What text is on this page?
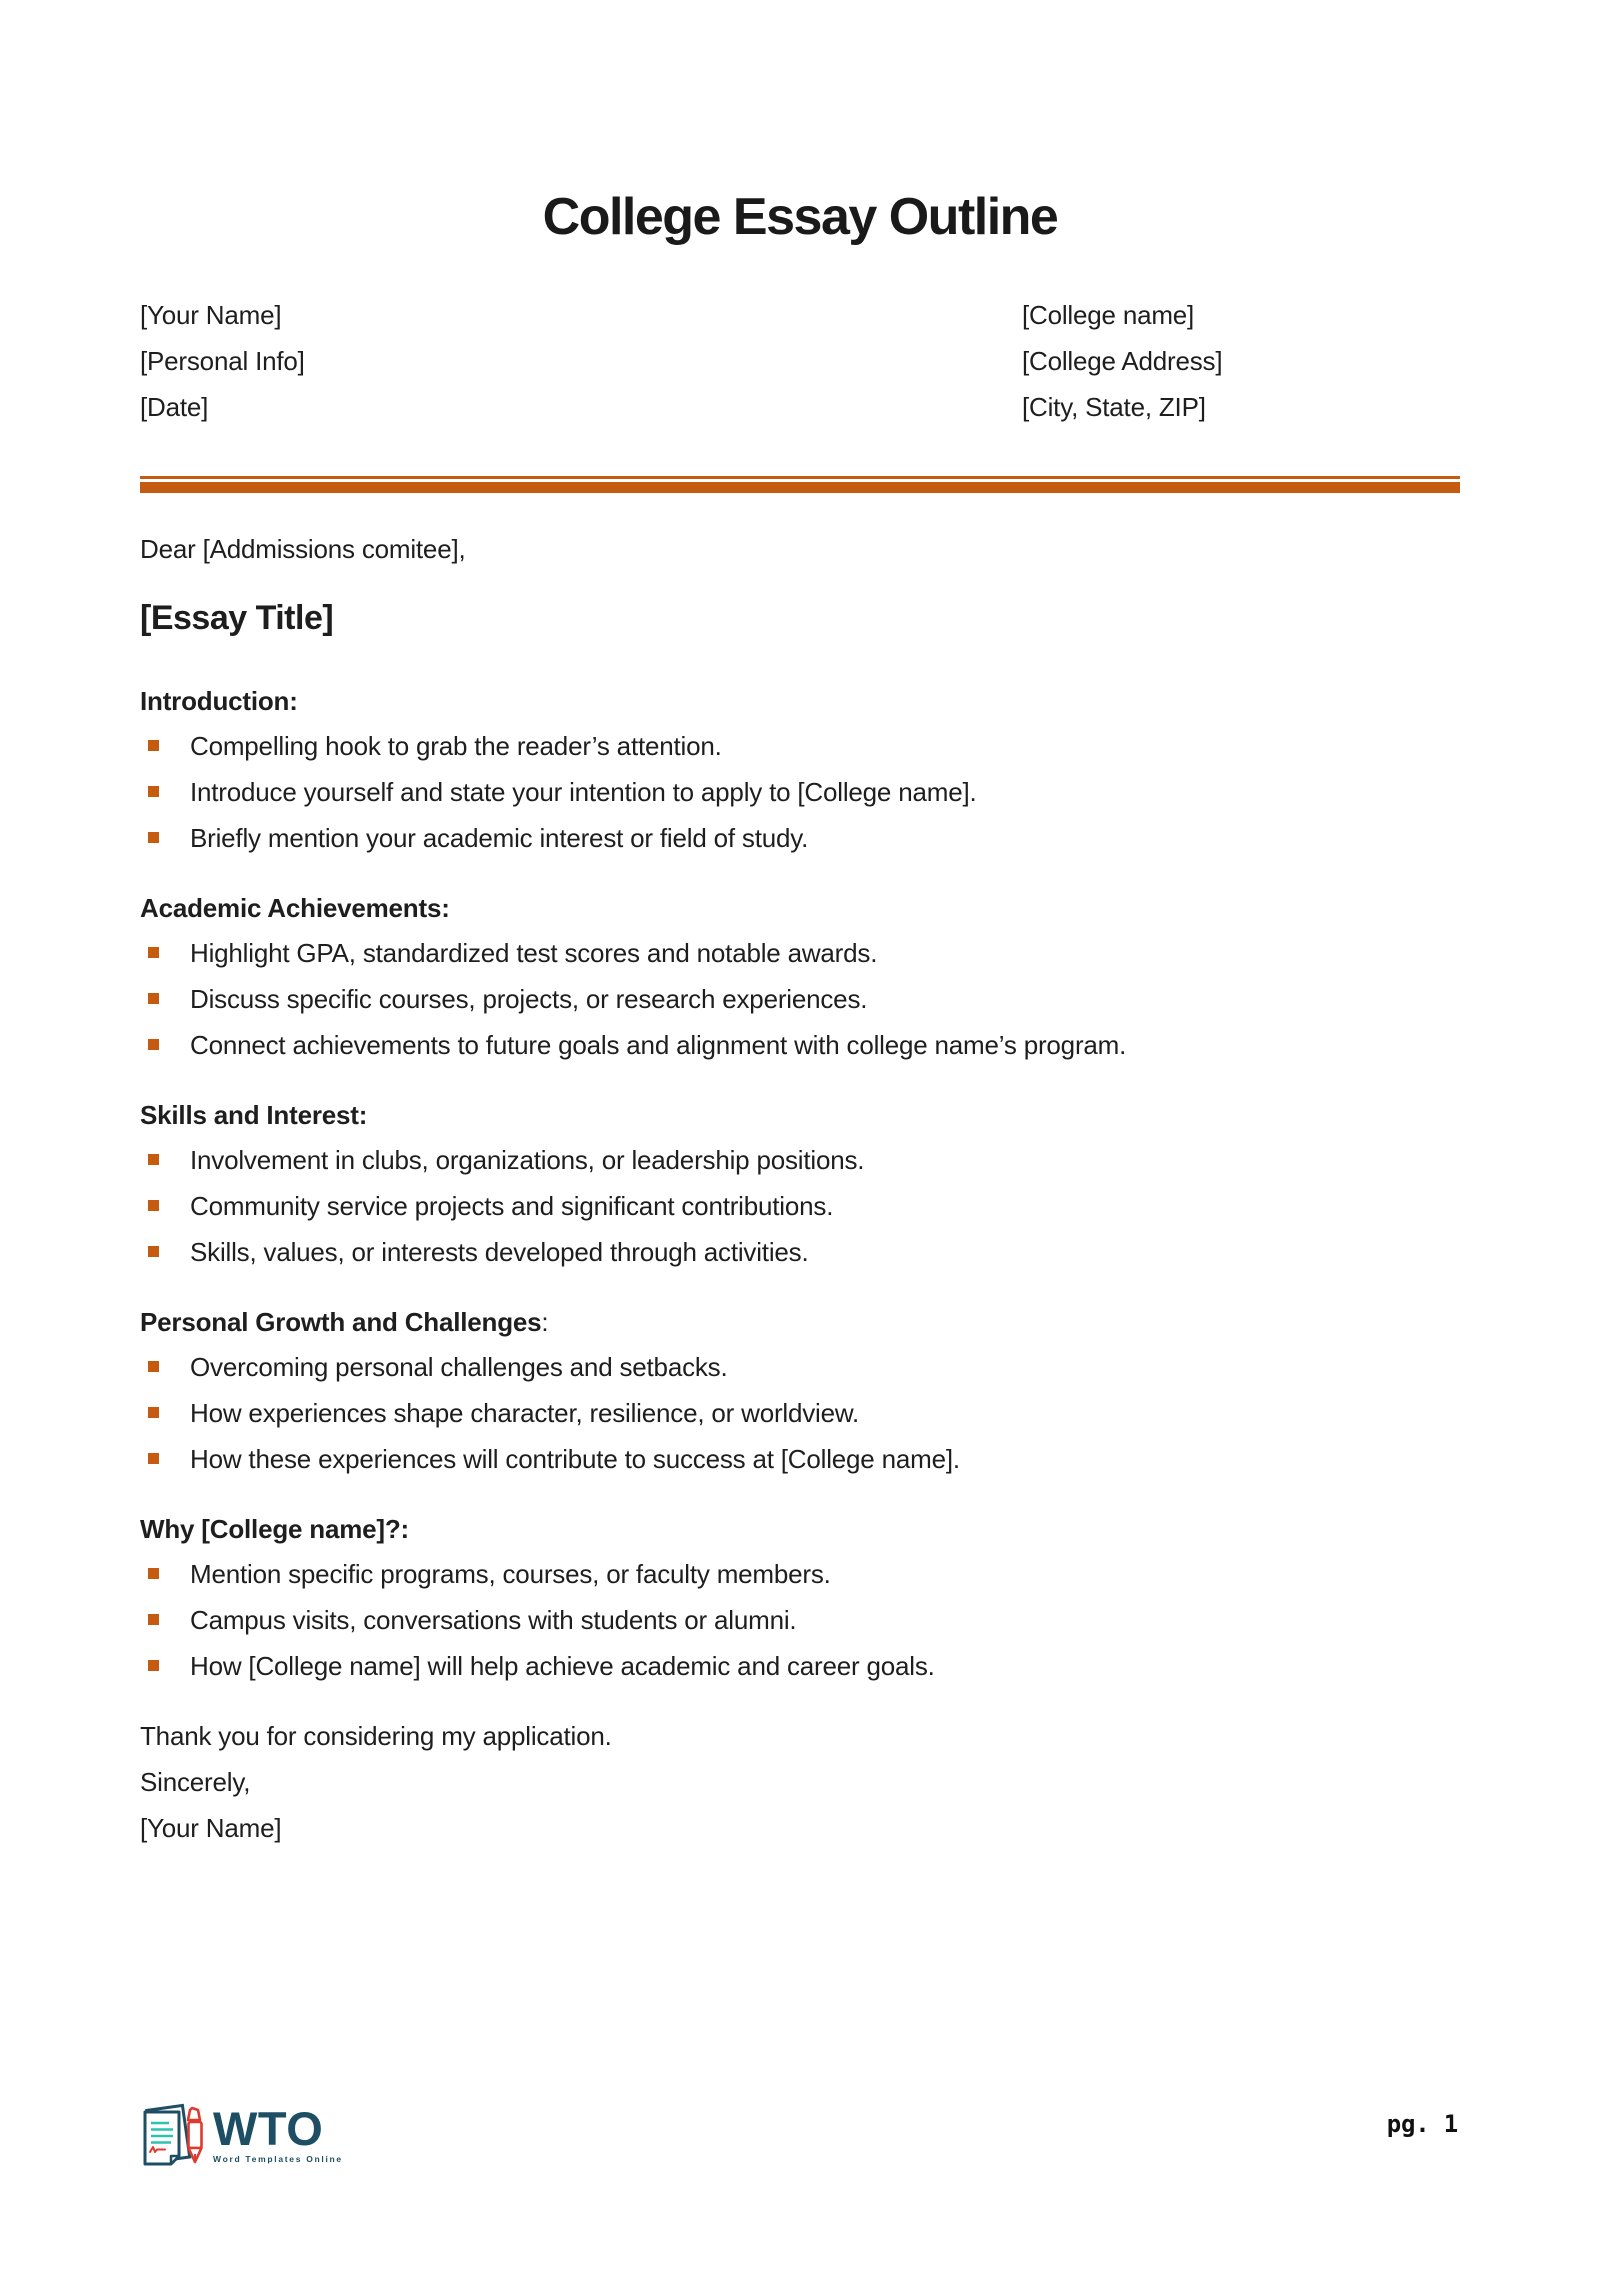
College Essay Outline
[Your Name]
[Personal Info]
[Date]
[College name]
[College Address]
[City, State, ZIP]

Dear [Addmissions comitee],

[Essay Title]
Introduction:
Compelling hook to grab the reader’s attention.
Introduce yourself and state your intention to apply to [College name].
Briefly mention your academic interest or field of study.
Academic Achievements:
Highlight GPA, standardized test scores and notable awards.
Discuss specific courses, projects, or research experiences.
Connect achievements to future goals and alignment with college name’s program.
Skills and Interest:
Involvement in clubs, organizations, or leadership positions.
Community service projects and significant contributions.
Skills, values, or interests developed through activities.
Personal Growth and Challenges:
Overcoming personal challenges and setbacks.
How experiences shape character, resilience, or worldview.
How these experiences will contribute to success at [College name].
Why [College name]?:
Mention specific programs, courses, or faculty members.
Campus visits, conversations with students or alumni.
How [College name] will help achieve academic and career goals.

Thank you for considering my application.

Sincerely,

[Your Name]

WTO
Word Templates Online
pg. 1
